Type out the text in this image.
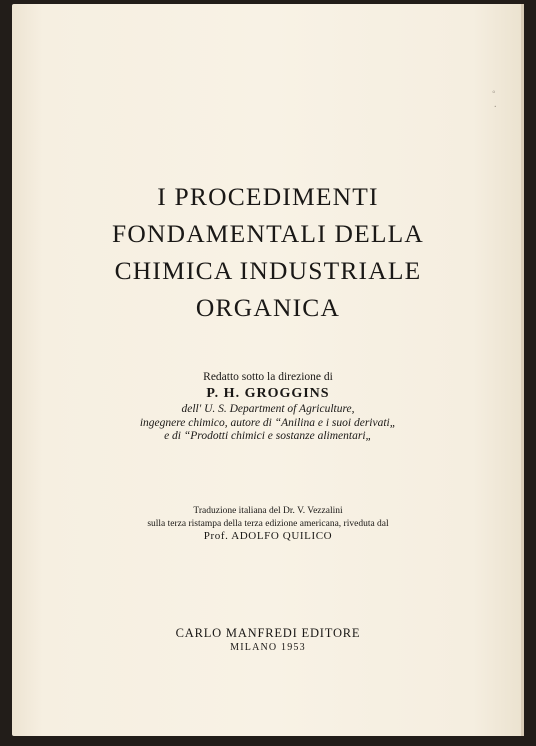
◦
.
I PROCEDIMENTI
FONDAMENTALI DELLA
CHIMICA INDUSTRIALE
ORGANICA
Redatto sotto la direzione di
P. H. GROGGINS
dell' U. S. Department of Agriculture,
ingegnere chimico, autore di “Anilina e i suoi derivati„
e di “Prodotti chimici e sostanze alimentari„
Traduzione italiana del Dr. V. Vezzalini
sulla terza ristampa della terza edizione americana, riveduta dal
Prof. ADOLFO QUILICO
CARLO MANFREDI EDITORE
MILANO 1953
